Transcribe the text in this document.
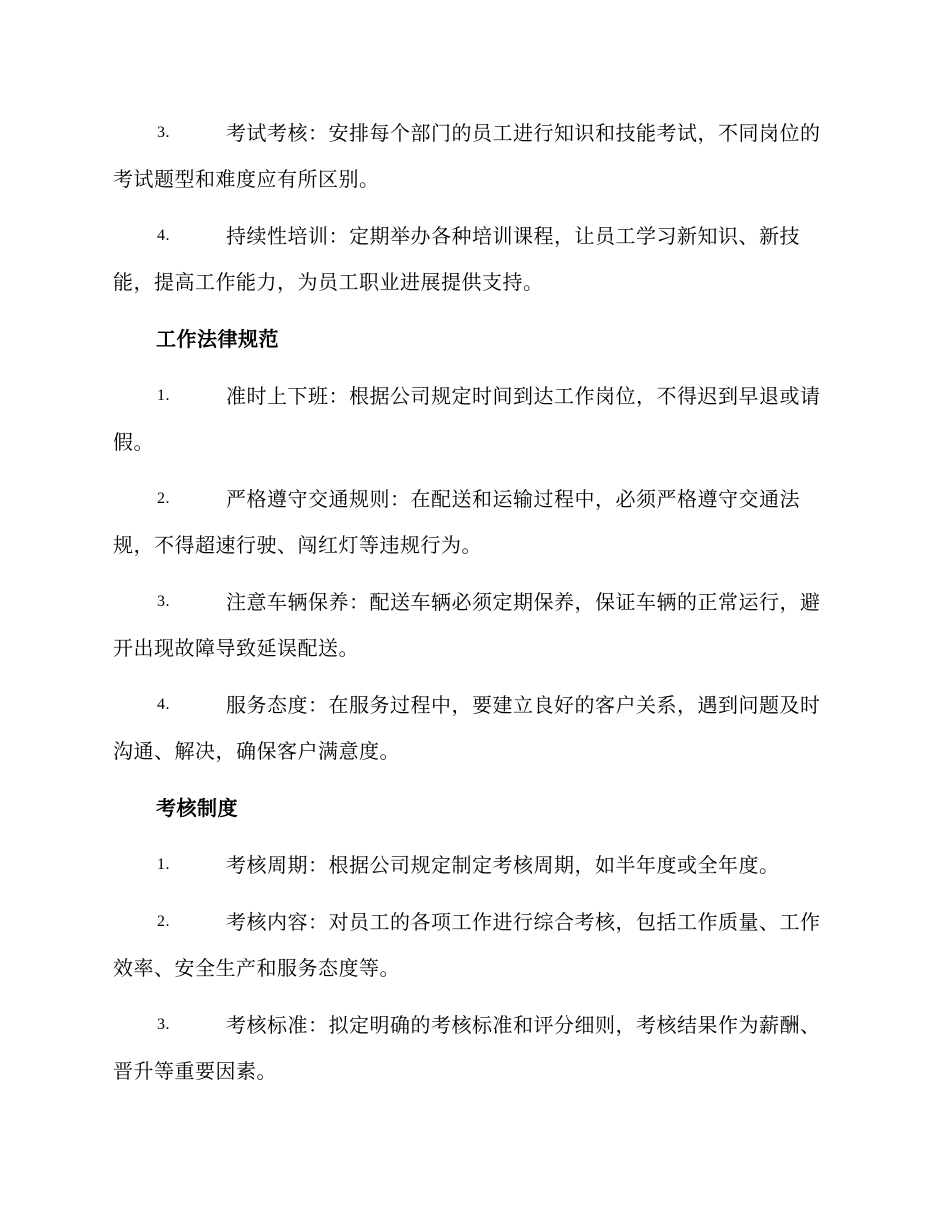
3.	考试考核：安排每个部门的员工进行知识和技能考试，不同岗位的考试题型和难度应有所区别。
4.	持续性培训：定期举办各种培训课程，让员工学习新知识、新技能，提高工作能力，为员工职业进展提供支持。
工作法律规范
1.	准时上下班：根据公司规定时间到达工作岗位，不得迟到早退或请假。
2.	严格遵守交通规则：在配送和运输过程中，必须严格遵守交通法规，不得超速行驶、闯红灯等违规行为。
3.	注意车辆保养：配送车辆必须定期保养，保证车辆的正常运行，避开出现故障导致延误配送。
4.	服务态度：在服务过程中，要建立良好的客户关系，遇到问题及时沟通、解决，确保客户满意度。
考核制度
1.	考核周期：根据公司规定制定考核周期，如半年度或全年度。
2.	考核内容：对员工的各项工作进行综合考核，包括工作质量、工作效率、安全生产和服务态度等。
3.	考核标准：拟定明确的考核标准和评分细则，考核结果作为薪酬、晋升等重要因素。
